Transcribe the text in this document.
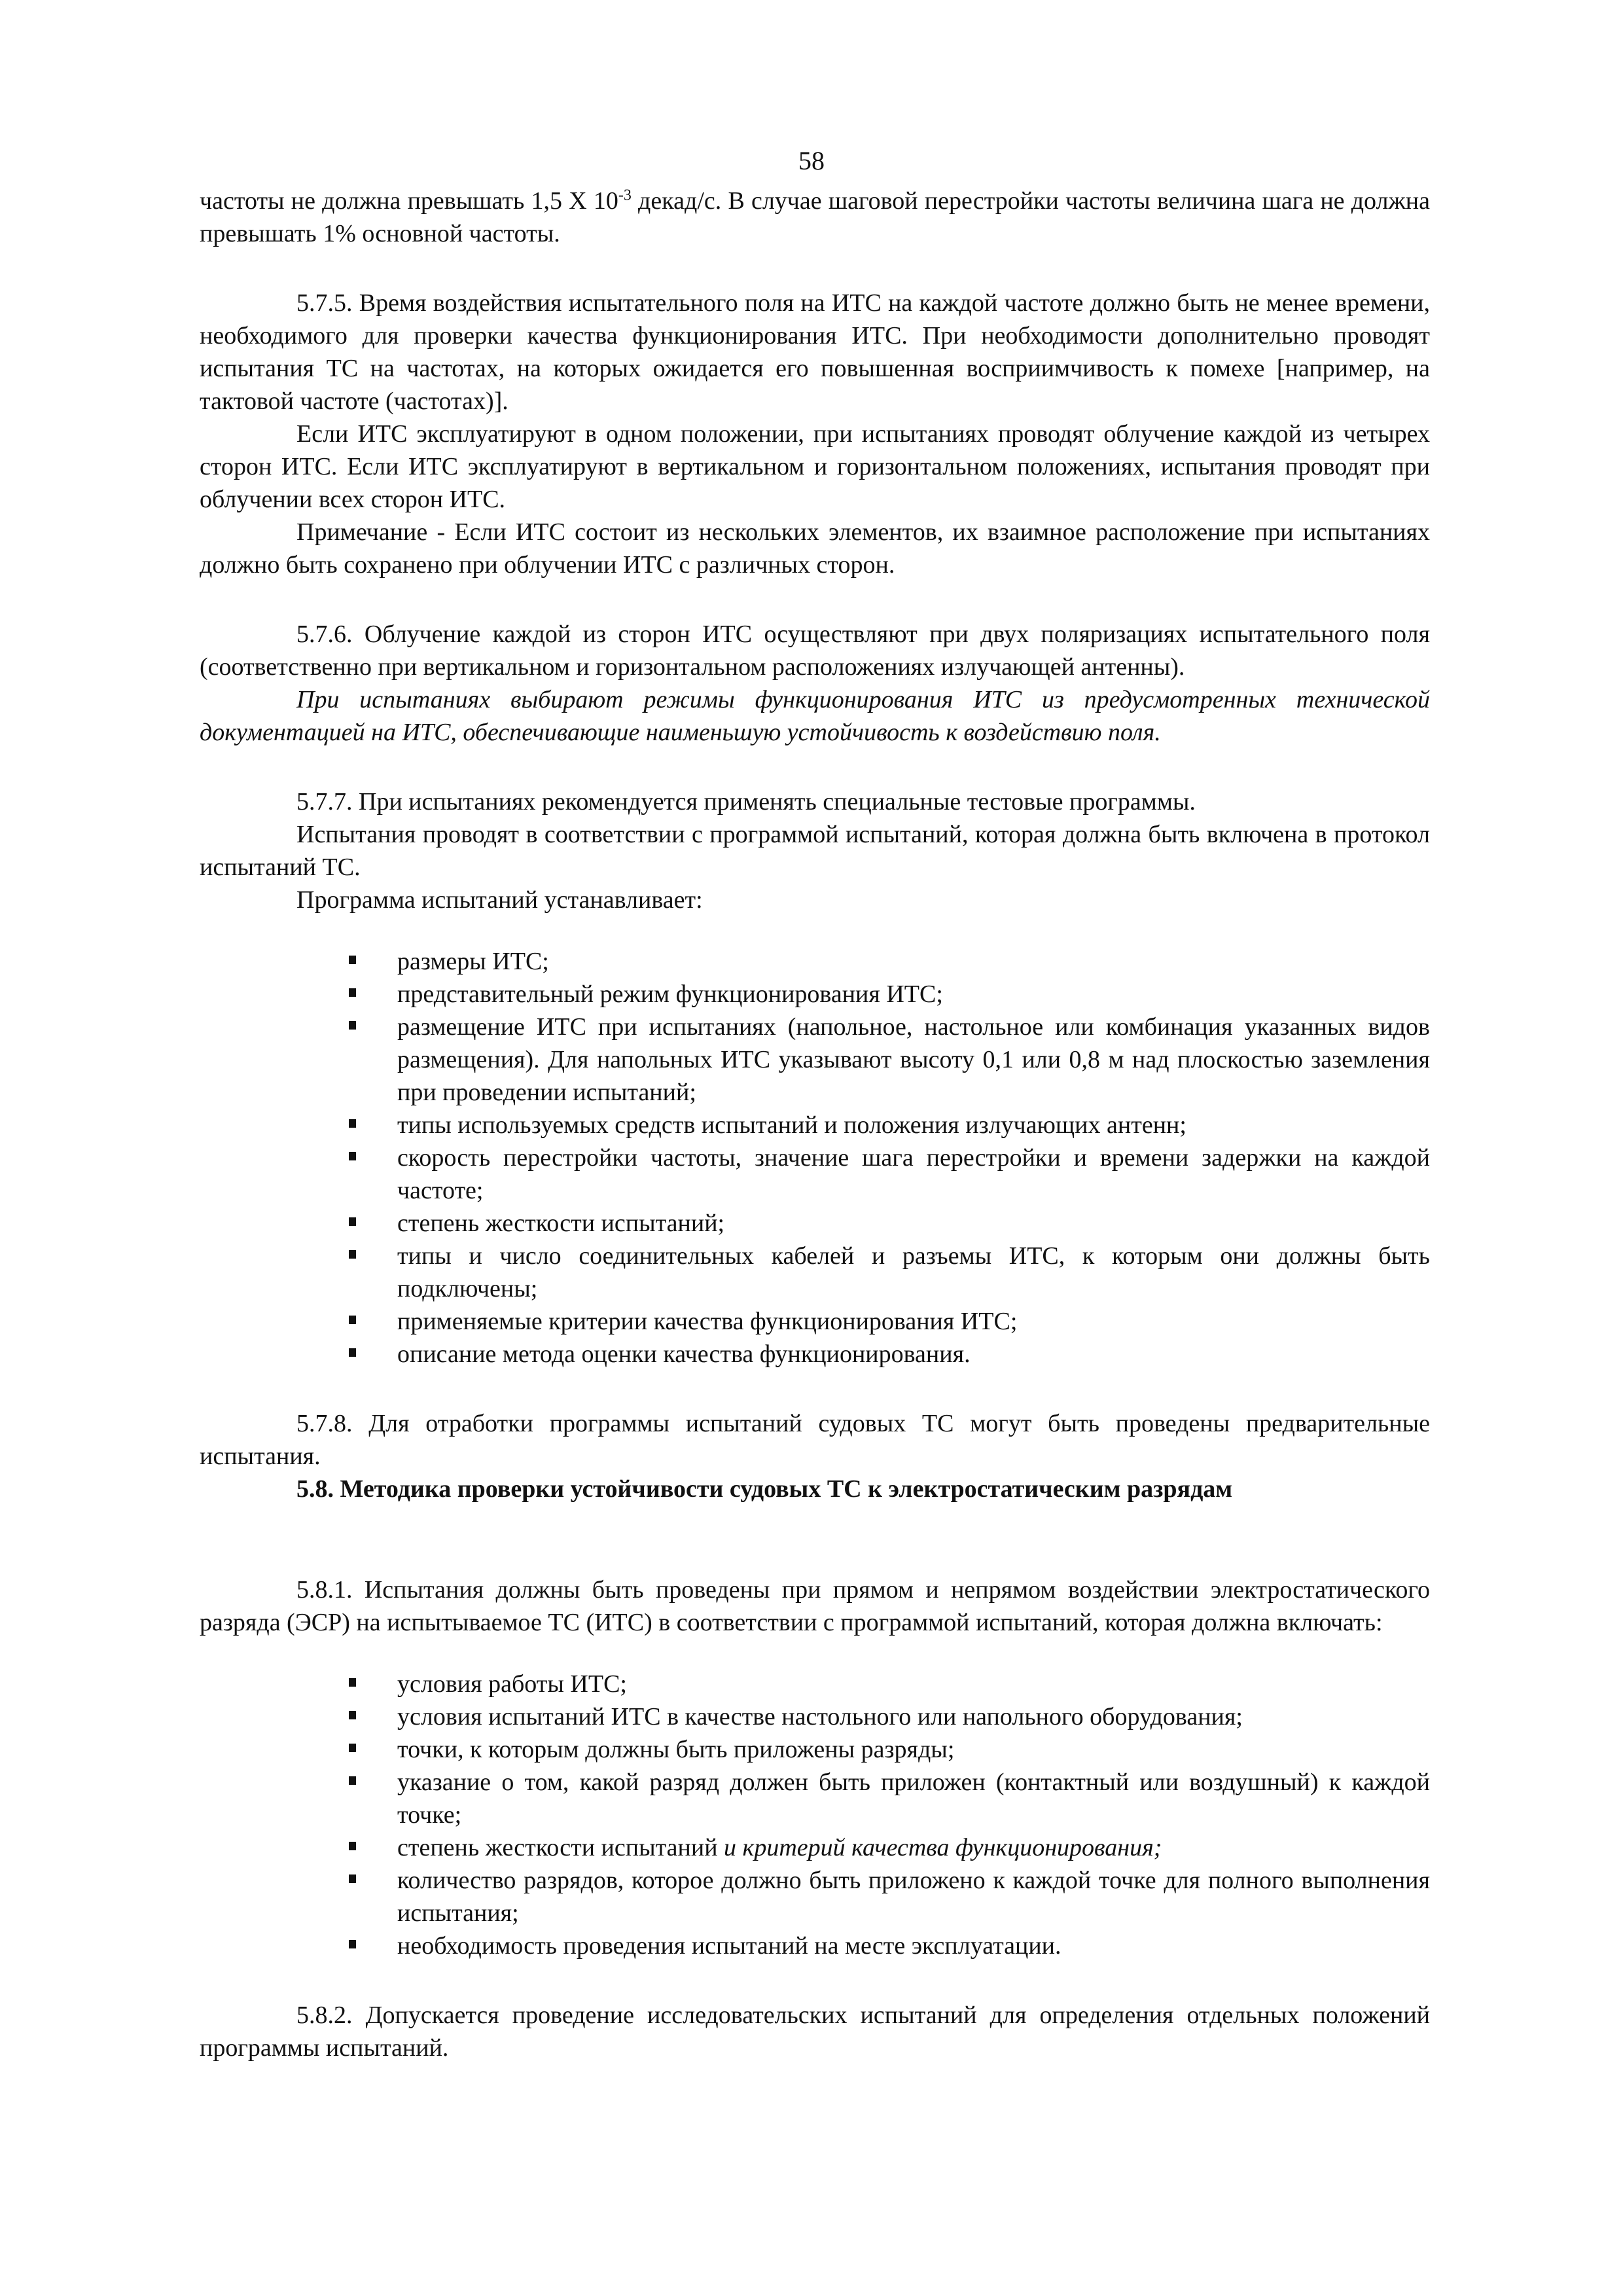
58

частоты не должна превышать 1,5 X $10^{-3}$ декад/с. В случае шаговой перестройки частоты величина шага не должна превышать 1% основной частоты.

5.7.5. Время воздействия испытательного поля на ИТС на каждой частоте должно быть не менее времени, необходимого для проверки качества функционирования ИТС. При необходимости дополнительно проводят испытания ТС на частотах, на которых ожидается его повышенная восприимчивость к помехе [например, на тактовой частоте (частотах)].

Если ИТС эксплуатируют в одном положении, при испытаниях проводят облучение каждой из четырех сторон ИТС. Если ИТС эксплуатируют в вертикальном и горизонтальном положениях, испытания проводят при облучении всех сторон ИТС.

Примечание - Если ИТС состоит из нескольких элементов, их взаимное расположение при испытаниях должно быть сохранено при облучении ИТС с различных сторон.

5.7.6. Облучение каждой из сторон ИТС осуществляют при двух поляризациях испытательного поля (соответственно при вертикальном и горизонтальном расположениях излучающей антенны).

При испытаниях выбирают режимы функционирования ИТС из предусмотренных технической документацией на ИТС, обеспечивающие наименьшую устойчивость к воздействию поля.

5.7.7. При испытаниях рекомендуется применять специальные тестовые программы.

Испытания проводят в соответствии с программой испытаний, которая должна быть включена в протокол испытаний ТС.

Программа испытаний устанавливает:

размеры ИТС;
представительный режим функционирования ИТС;
размещение ИТС при испытаниях (напольное, настольное или комбинация указанных видов размещения). Для напольных ИТС указывают высоту 0,1 или 0,8 м над плоскостью заземления при проведении испытаний;
типы используемых средств испытаний и положения излучающих антенн;
скорость перестройки частоты, значение шага перестройки и времени задержки на каждой частоте;
степень жесткости испытаний;
типы и число соединительных кабелей и разъемы ИТС, к которым они должны быть подключены;
применяемые критерии качества функционирования ИТС;
описание метода оценки качества функционирования.

5.7.8. Для отработки программы испытаний судовых ТС могут быть проведены предварительные испытания.

5.8. Методика проверки устойчивости судовых ТС к электростатическим разрядам

5.8.1. Испытания должны быть проведены при прямом и непрямом воздействии электростатического разряда (ЭСР) на испытываемое ТС (ИТС) в соответствии с программой испытаний, которая должна включать:

условия работы ИТС;
условия испытаний ИТС в качестве настольного или напольного оборудования;
точки, к которым должны быть приложены разряды;
указание о том, какой разряд должен быть приложен (контактный или воздушный) к каждой точке;
степень жесткости испытаний и критерий качества функционирования;
количество разрядов, которое должно быть приложено к каждой точке для полного выполнения испытания;
необходимость проведения испытаний на месте эксплуатации.

5.8.2. Допускается проведение исследовательских испытаний для определения отдельных положений программы испытаний.
